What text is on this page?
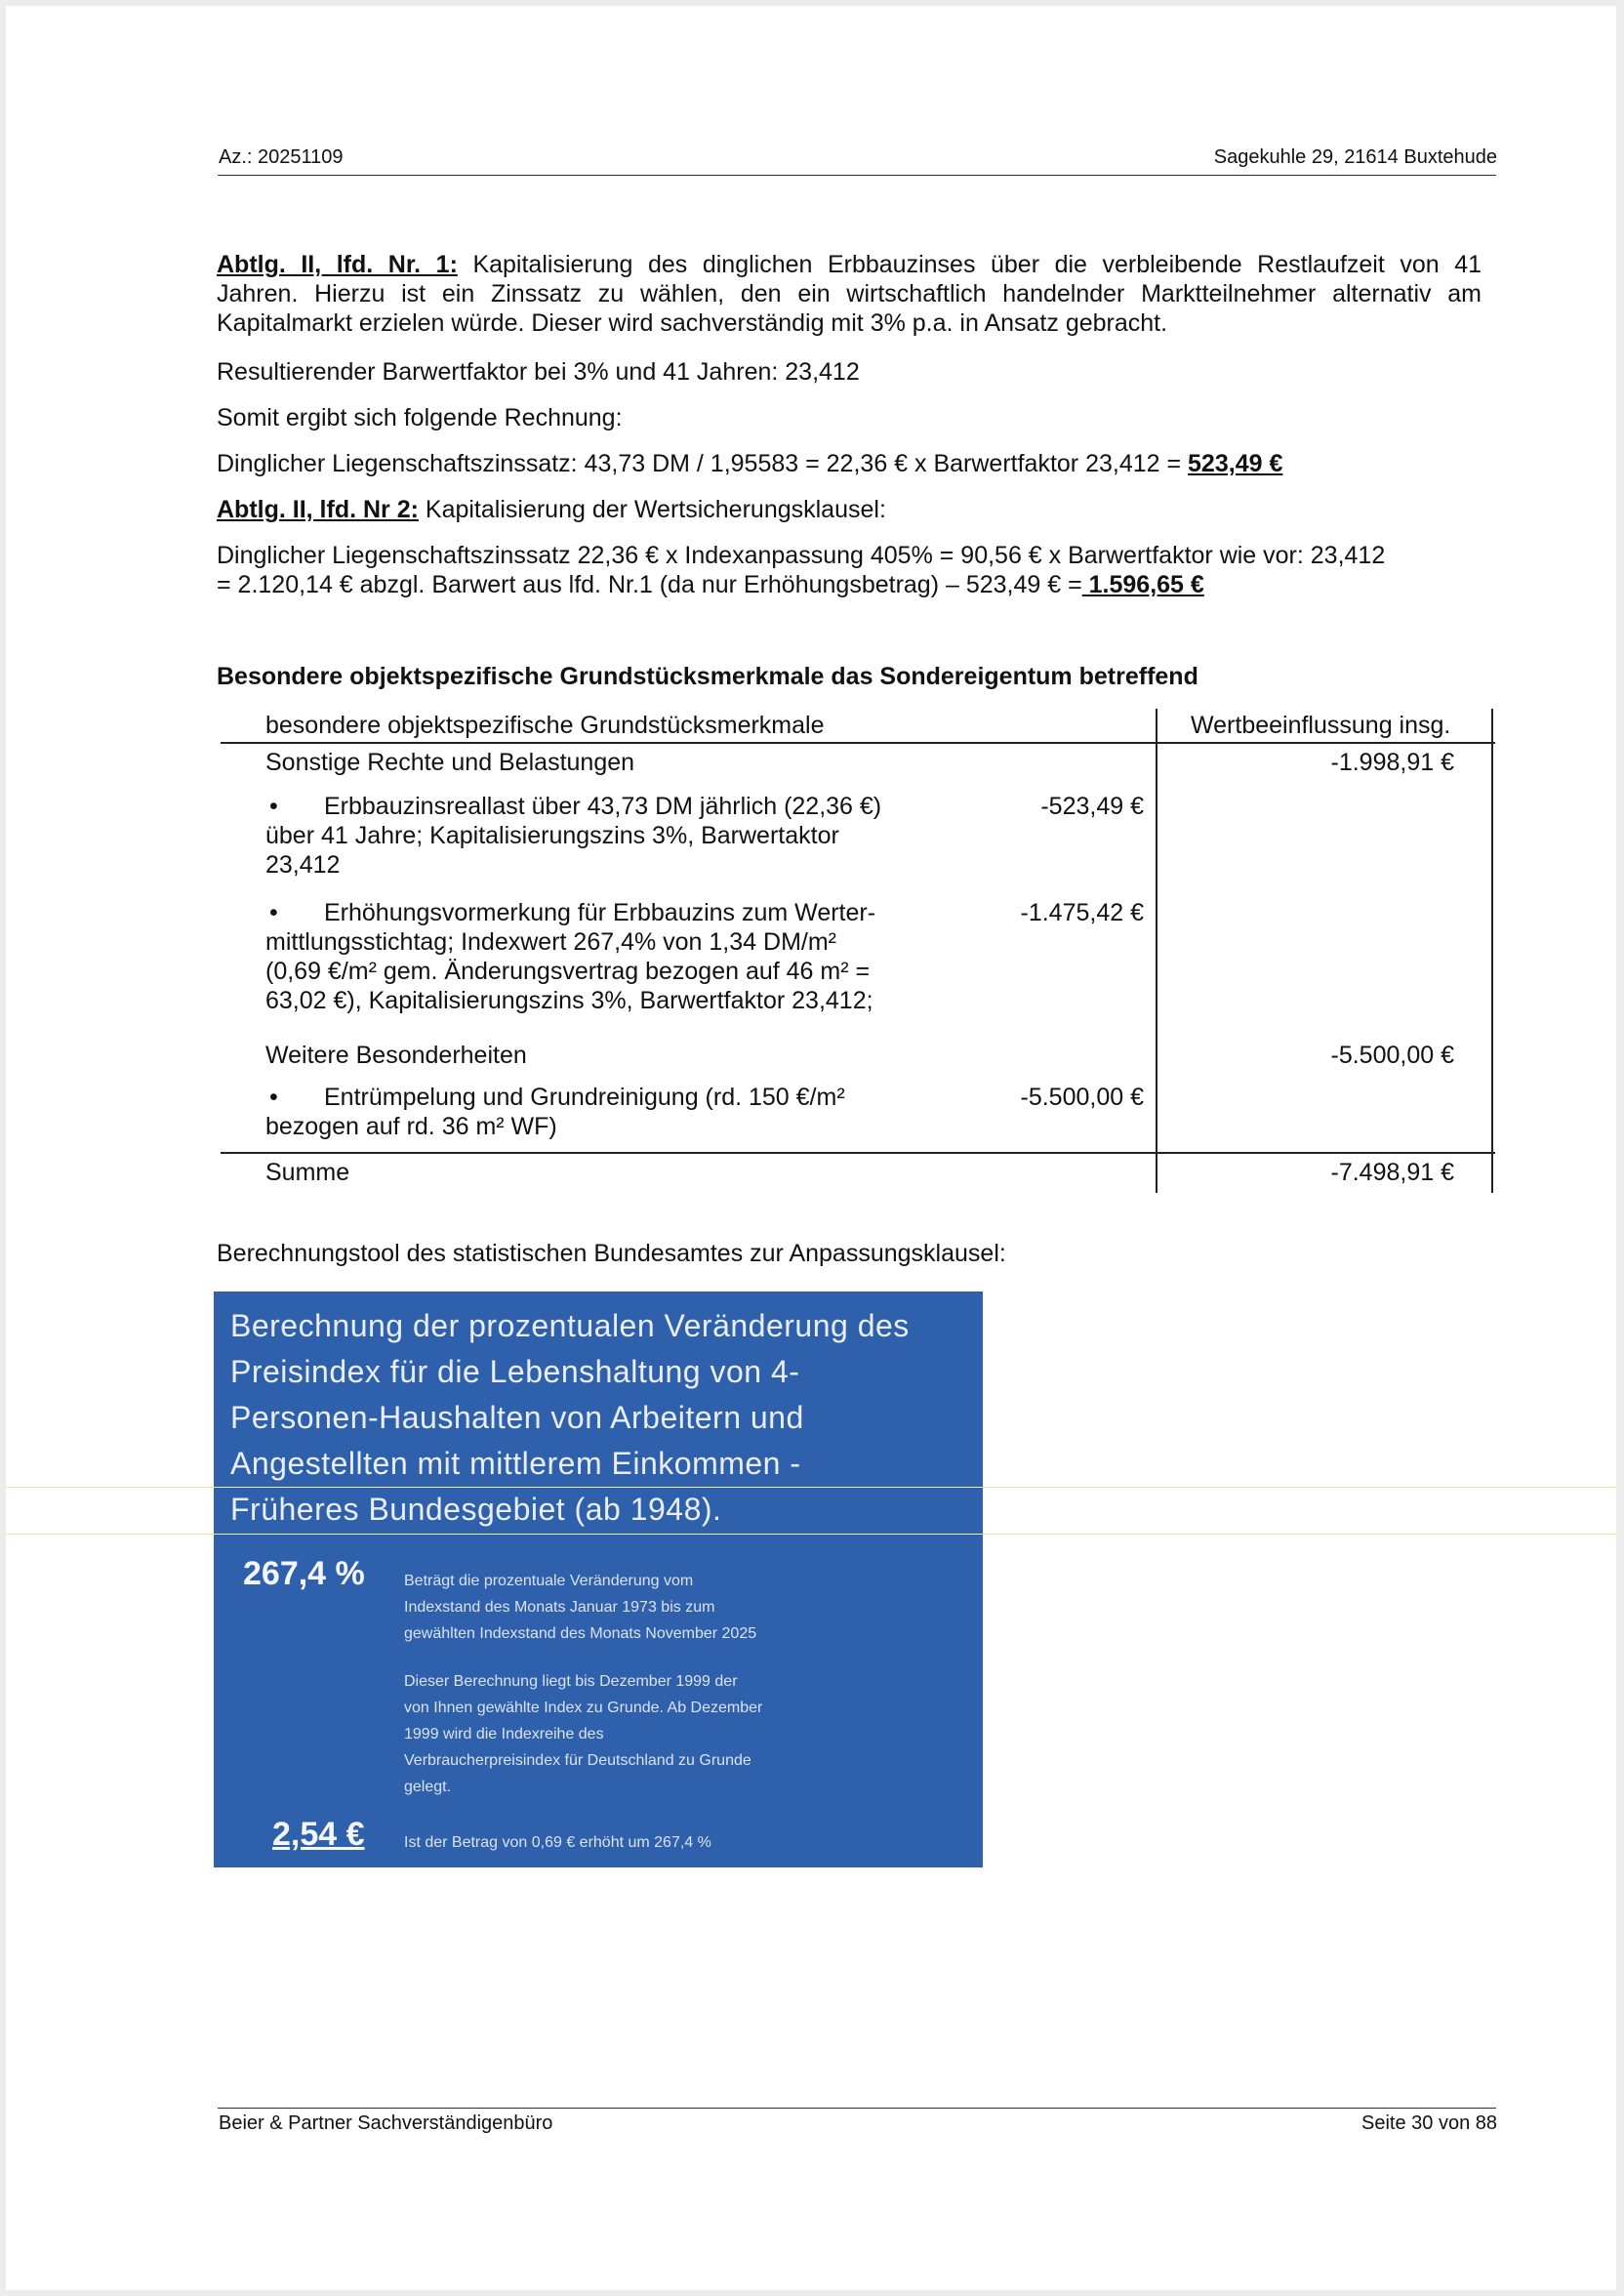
Az.: 20251109	Sagekuhle 29, 21614 Buxtehude
Abtlg. II, lfd. Nr. 1: Kapitalisierung des dinglichen Erbbauzinses über die verbleibende Restlaufzeit von 41
Jahren. Hierzu ist ein Zinssatz zu wählen, den ein wirtschaftlich handelnder Marktteilnehmer alternativ am
Kapitalmarkt erzielen würde. Dieser wird sachverständig mit 3% p.a. in Ansatz gebracht.
Resultierender Barwertfaktor bei 3% und 41 Jahren: 23,412
Somit ergibt sich folgende Rechnung:
Dinglicher Liegenschaftszinssatz: 43,73 DM / 1,95583 = 22,36 € x Barwertfaktor 23,412 = 523,49 €
Abtlg. II, lfd. Nr 2: Kapitalisierung der Wertsicherungsklausel:
Dinglicher Liegenschaftszinssatz 22,36 € x Indexanpassung 405% = 90,56 € x Barwertfaktor wie vor: 23,412
= 2.120,14 € abzgl. Barwert aus lfd. Nr.1 (da nur Erhöhungsbetrag) – 523,49 € = 1.596,65 €
Besondere objektspezifische Grundstücksmerkmale das Sondereigentum betreffend
besondere objektspezifische Grundstücksmerkmale	Wertbeeinflussung insg.
Sonstige Rechte und Belastungen	-1.998,91 €
• Erbbauzinsreallast über 43,73 DM jährlich (22,36 €)
über 41 Jahre; Kapitalisierungszins 3%, Barwertaktor
23,412
-523,49 €
• Erhöhungsvormerkung für Erbbauzins zum Werter-
mittlungsstichtag; Indexwert 267,4% von 1,34 DM/m²
(0,69 €/m² gem. Änderungsvertrag bezogen auf 46 m² =
63,02 €), Kapitalisierungszins 3%, Barwertfaktor 23,412;
-1.475,42 €
Weitere Besonderheiten	-5.500,00 €
• Entrümpelung und Grundreinigung (rd. 150 €/m²
bezogen auf rd. 36 m² WF)
-5.500,00 €
Summe	-7.498,91 €
Berechnungstool des statistischen Bundesamtes zur Anpassungsklausel:
Berechnung der prozentualen Veränderung des
Preisindex für die Lebenshaltung von 4-
Personen-Haushalten von Arbeitern und
Angestellten mit mittlerem Einkommen -
Früheres Bundesgebiet (ab 1948).
267,4 %	Beträgt die prozentuale Veränderung vom
Indexstand des Monats Januar 1973 bis zum
gewählten Indexstand des Monats November 2025
Dieser Berechnung liegt bis Dezember 1999 der
von Ihnen gewählte Index zu Grunde. Ab Dezember
1999 wird die Indexreihe des
Verbraucherpreisindex für Deutschland zu Grunde
gelegt.
2,54 €	Ist der Betrag von 0,69 € erhöht um 267,4 %
Beier & Partner Sachverständigenbüro	Seite 30 von 88
